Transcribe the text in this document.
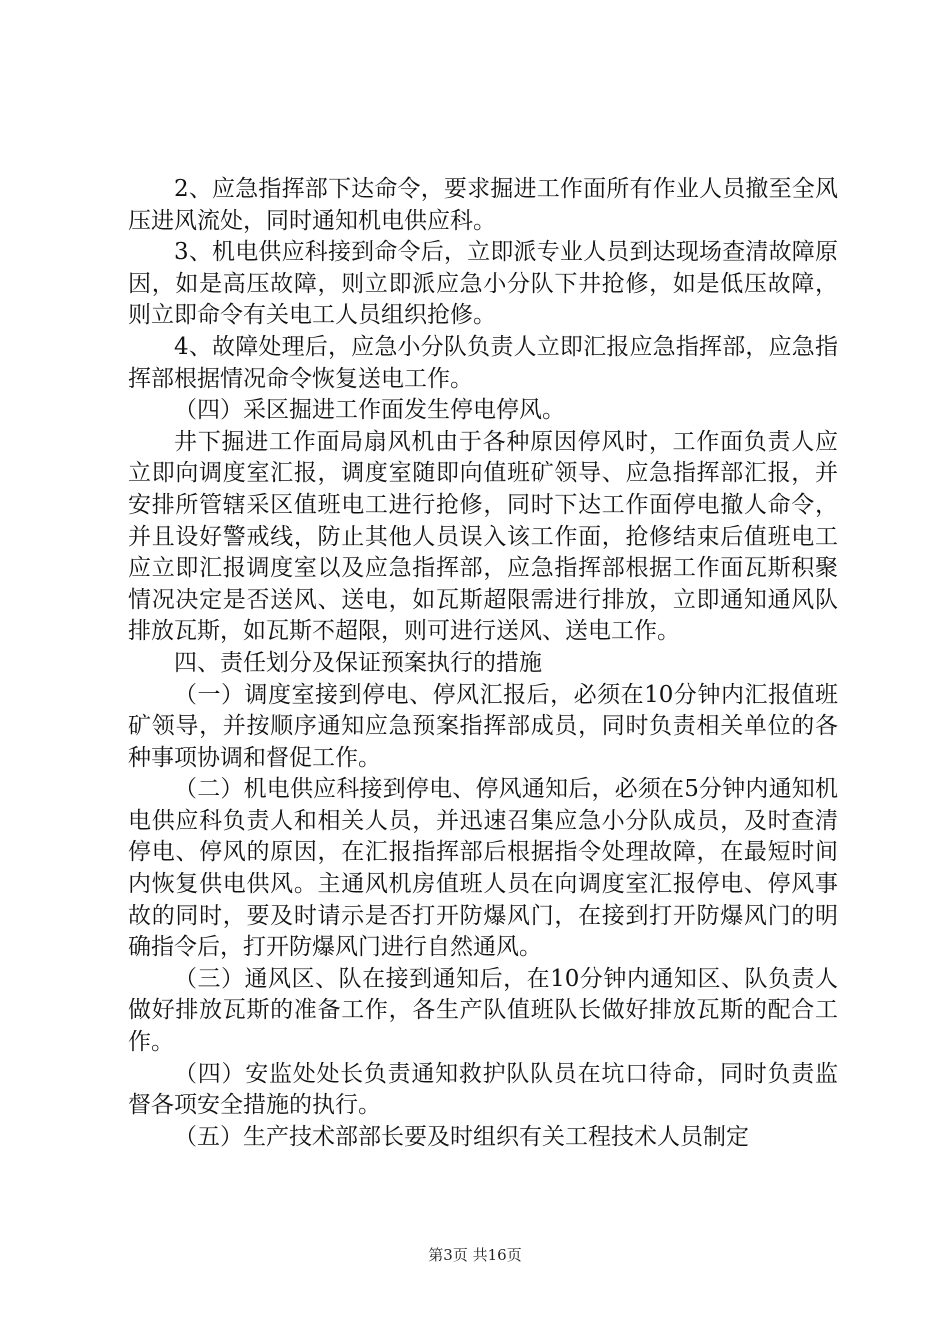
2、应急指挥部下达命令，要求掘进工作面所有作业人员撤至全风压进风流处，同时通知机电供应科。

3、机电供应科接到命令后，立即派专业人员到达现场查清故障原因，如是高压故障，则立即派应急小分队下井抢修，如是低压故障，则立即命令有关电工人员组织抢修。

4、故障处理后，应急小分队负责人立即汇报应急指挥部，应急指挥部根据情况命令恢复送电工作。

（四）采区掘进工作面发生停电停风。

井下掘进工作面局扇风机由于各种原因停风时，工作面负责人应立即向调度室汇报，调度室随即向值班矿领导、应急指挥部汇报，并安排所管辖采区值班电工进行抢修，同时下达工作面停电撤人命令，并且设好警戒线，防止其他人员误入该工作面，抢修结束后值班电工应立即汇报调度室以及应急指挥部，应急指挥部根据工作面瓦斯积聚情况决定是否送风、送电，如瓦斯超限需进行排放，立即通知通风队排放瓦斯，如瓦斯不超限，则可进行送风、送电工作。

四、责任划分及保证预案执行的措施

（一）调度室接到停电、停风汇报后，必须在10分钟内汇报值班矿领导，并按顺序通知应急预案指挥部成员，同时负责相关单位的各种事项协调和督促工作。

（二）机电供应科接到停电、停风通知后，必须在5分钟内通知机电供应科负责人和相关人员，并迅速召集应急小分队成员，及时查清停电、停风的原因，在汇报指挥部后根据指令处理故障，在最短时间内恢复供电供风。主通风机房值班人员在向调度室汇报停电、停风事故的同时，要及时请示是否打开防爆风门，在接到打开防爆风门的明确指令后，打开防爆风门进行自然通风。

（三）通风区、队在接到通知后，在10分钟内通知区、队负责人做好排放瓦斯的准备工作，各生产队值班队长做好排放瓦斯的配合工作。

（四）安监处处长负责通知救护队队员在坑口待命，同时负责监督各项安全措施的执行。

（五）生产技术部部长要及时组织有关工程技术人员制定

第3页 共16页
